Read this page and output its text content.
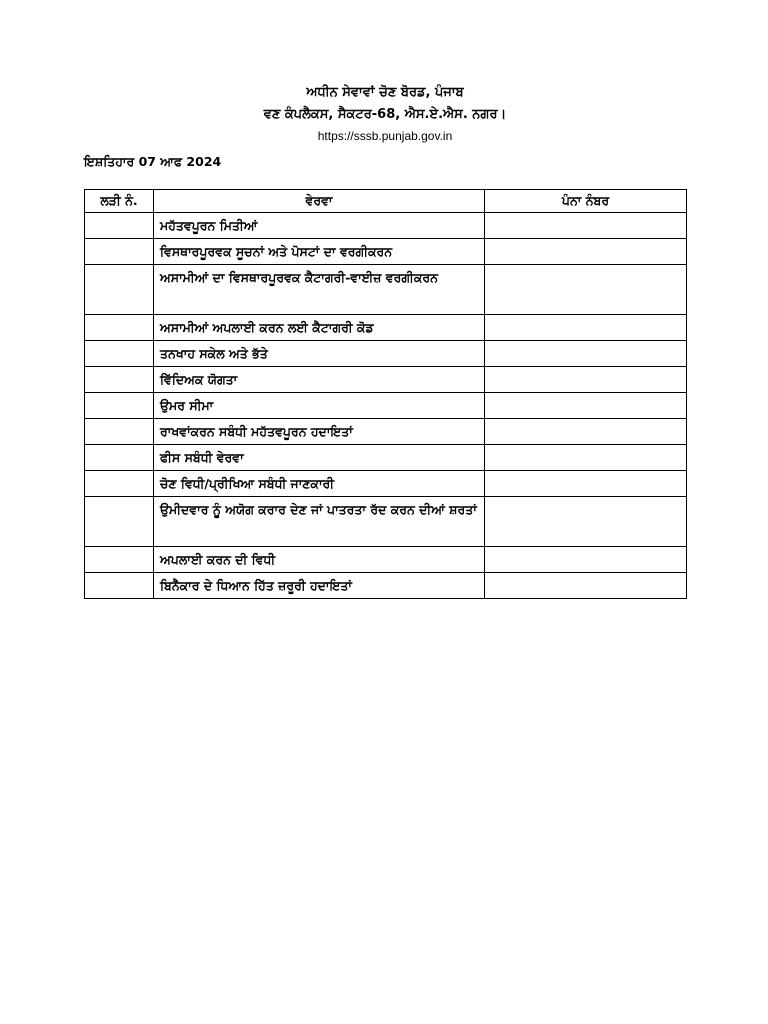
ਅਧੀਨ ਸੇਵਾਵਾਂ ਚੋਣ ਬੋਰਡ, ਪੰਜਾਬ
ਵਣ ਕੰਪਲੈਕਸ, ਸੈਕਟਰ-68, ਐਸ.ਏ.ਐਸ. ਨਗਰ।
https://sssb.punjab.gov.in
ਇਸ਼ਤਿਹਾਰ 07 ਆਫ 2024
ਲੜੀ ਨੰ.	ਵੇਰਵਾ	ਪੰਨਾ ਨੰਬਰ
	ਮਹੱਤਵਪੂਰਨ ਮਿਤੀਆਂ	
	ਵਿਸਥਾਰਪੂਰਵਕ ਸੂਚਨਾਂ ਅਤੇ ਪੋਸਟਾਂ ਦਾ ਵਰਗੀਕਰਨ	
	ਅਸਾਮੀਆਂ ਦਾ ਵਿਸਥਾਰਪੂਰਵਕ ਕੈਟਾਗਰੀ-ਵਾਈਜ਼ ਵਰਗੀਕਰਨ	
	ਅਸਾਮੀਆਂ ਅਪਲਾਈ ਕਰਨ ਲਈ ਕੈਟਾਗਰੀ ਕੋਡ	
	ਤਨਖਾਹ ਸਕੇਲ ਅਤੇ ਭੱਤੇ	
	ਵਿੱਦਿਅਕ ਯੋਗਤਾ	
	ਉਮਰ ਸੀਮਾ	
	ਰਾਖਵਾਂਕਰਨ ਸਬੰਧੀ ਮਹੱਤਵਪੂਰਨ ਹਦਾਇਤਾਂ	
	ਫੀਸ ਸਬੰਧੀ ਵੇਰਵਾ	
	ਚੋਣ ਵਿਧੀ/ਪ੍ਰੀਖਿਆ ਸਬੰਧੀ ਜਾਣਕਾਰੀ	
	ਉਮੀਦਵਾਰ ਨੂੰ ਅਯੋਗ ਕਰਾਰ ਦੇਣ ਜਾਂ ਪਾਤਰਤਾ ਰੱਦ ਕਰਨ ਦੀਆਂ ਸ਼ਰਤਾਂ	
	ਅਪਲਾਈ ਕਰਨ ਦੀ ਵਿਧੀ	
	ਬਿਨੈਕਾਰ ਦੇ ਧਿਆਨ ਹਿੱਤ ਜ਼ਰੂਰੀ ਹਦਾਇਤਾਂ	
